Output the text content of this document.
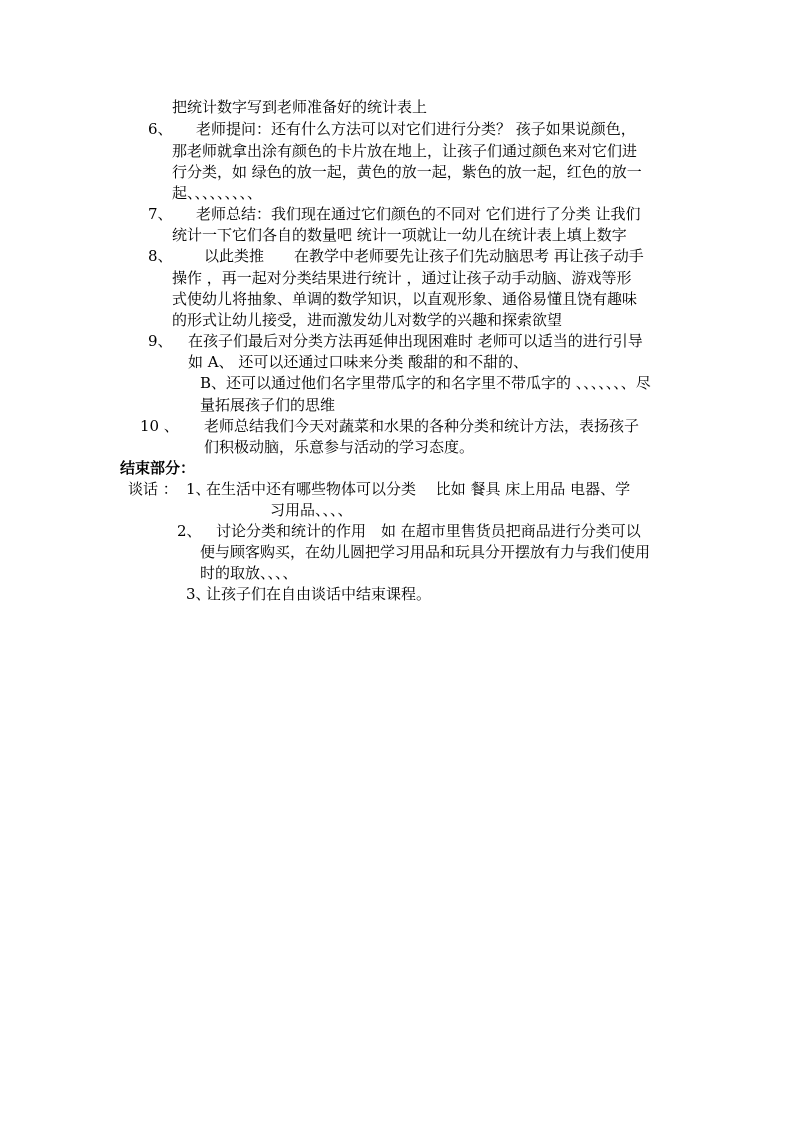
把统计数字写到老师准备好的统计表上
6、 老师提问：还有什么方法可以对它们进行分类？ 孩子如果说颜色，
那老师就拿出涂有颜色的卡片放在地上，让孩子们通过颜色来对它们进
行分类，如 绿色的放一起，黄色的放一起，紫色的放一起，红色的放一
起、、、、、、、、、
7、 老师总结：我们现在通过它们颜色的不同对 它们进行了分类 让我们
统计一下它们各自的数量吧 统计一项就让一幼儿在统计表上填上数字
8、 以此类推　　在教学中老师要先让孩子们先动脑思考 再让孩子动手
操作 ，再一起对分类结果进行统计 ，通过让孩子动手动脑、游戏等形
式使幼儿将抽象、单调的数学知识，以直观形象、通俗易懂且饶有趣味
的形式让幼儿接受，进而激发幼儿对数学的兴趣和探索欲望
9、 在孩子们最后对分类方法再延伸出现困难时 老师可以适当的进行引导
如 A、 还可以还通过口味来分类 酸甜的和不甜的、
B、还可以通过他们名字里带瓜字的和名字里不带瓜字的 、、、、、、、尽
量拓展孩子们的思维
10 、 老师总结我们今天对蔬菜和水果的各种分类和统计方法，表扬孩子
们积极动脑，乐意参与活动的学习态度。
结束部分：
谈话 ： 1、
在生活中还有哪些物体可以分类　 比如 餐具 床上用品 电器、学
习用品、、、、
2、 讨论分类和统计的作用　如 在超市里售货员把商品进行分类可以
便与顾客购买，在幼儿圆把学习用品和玩具分开摆放有力与我们使用
时的取放、、、、
3、
让孩子们在自由谈话中结束课程。
